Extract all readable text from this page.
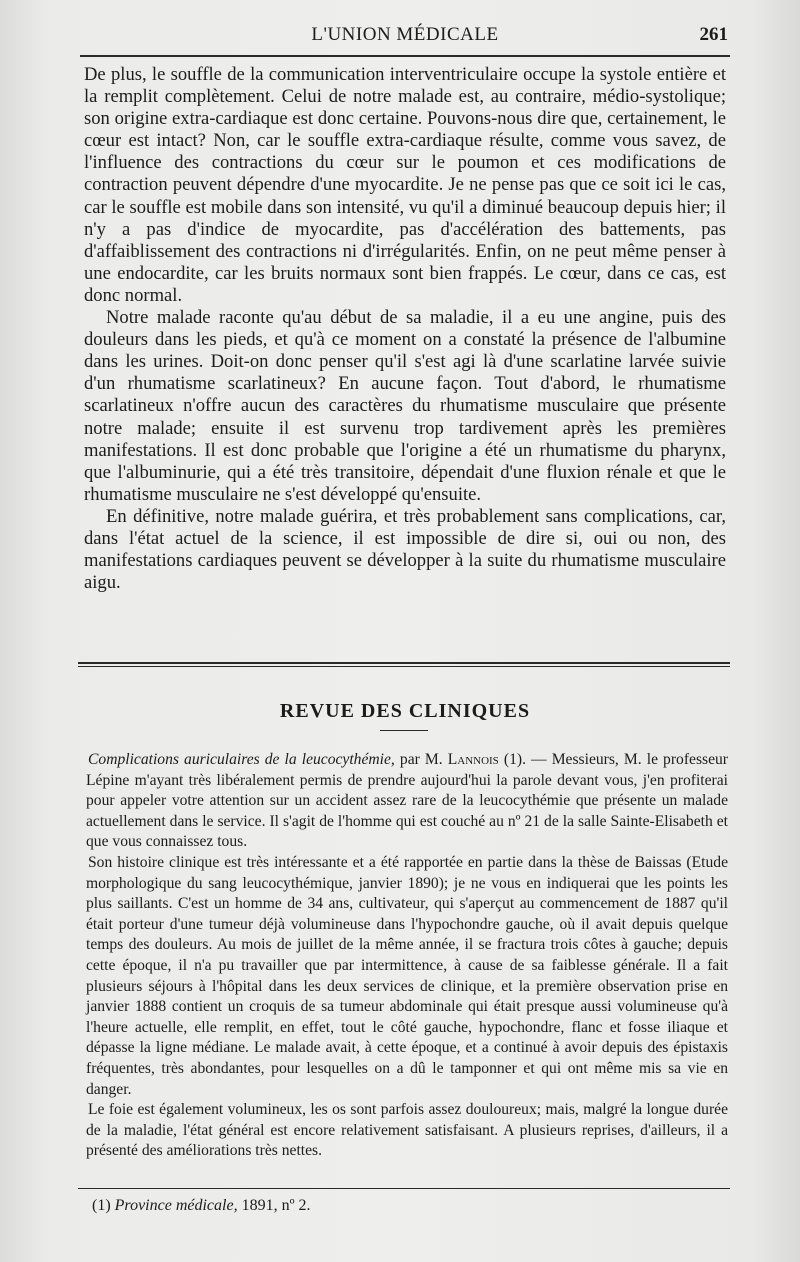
L'UNION MÉDICALE	261

De plus, le souffle de la communication interventriculaire occupe la systole entière et la remplit complètement. Celui de notre malade est, au contraire, médio-systolique; son origine extra-cardiaque est donc certaine. Pouvons-nous dire que, certainement, le cœur est intact? Non, car le souffle extra-cardiaque résulte, comme vous savez, de l'influence des contractions du cœur sur le poumon et ces modifications de contraction peuvent dépendre d'une myocardite. Je ne pense pas que ce soit ici le cas, car le souffle est mobile dans son intensité, vu qu'il a diminué beaucoup depuis hier; il n'y a pas d'indice de myocardite, pas d'accélération des battements, pas d'affaiblissement des contractions ni d'irrégularités. Enfin, on ne peut même penser à une endocardite, car les bruits normaux sont bien frappés. Le cœur, dans ce cas, est donc normal.

Notre malade raconte qu'au début de sa maladie, il a eu une angine, puis des douleurs dans les pieds, et qu'à ce moment on a constaté la présence de l'albumine dans les urines. Doit-on donc penser qu'il s'est agi là d'une scarlatine larvée suivie d'un rhumatisme scarlatineux? En aucune façon. Tout d'abord, le rhumatisme scarlatineux n'offre aucun des caractères du rhumatisme musculaire que présente notre malade; ensuite il est survenu trop tardivement après les premières manifestations. Il est donc probable que l'origine a été un rhumatisme du pharynx, que l'albuminurie, qui a été très transitoire, dépendait d'une fluxion rénale et que le rhumatisme musculaire ne s'est développé qu'ensuite.

En définitive, notre malade guérira, et très probablement sans complications, car, dans l'état actuel de la science, il est impossible de dire si, oui ou non, des manifestations cardiaques peuvent se développer à la suite du rhumatisme musculaire aigu.

REVUE DES CLINIQUES

Complications auriculaires de la leucocythémie, par M. Lannois (1). — Messieurs, M. le professeur Lépine m'ayant très libéralement permis de prendre aujourd'hui la parole devant vous, j'en profiterai pour appeler votre attention sur un accident assez rare de la leucocythémie que présente un malade actuellement dans le service. Il s'agit de l'homme qui est couché au nº 21 de la salle Sainte-Elisabeth et que vous connaissez tous.

Son histoire clinique est très intéressante et a été rapportée en partie dans la thèse de Baissas (Etude morphologique du sang leucocythémique, janvier 1890); je ne vous en indiquerai que les points les plus saillants. C'est un homme de 34 ans, cultivateur, qui s'aperçut au commencement de 1887 qu'il était porteur d'une tumeur déjà volumineuse dans l'hypochondre gauche, où il avait depuis quelque temps des douleurs. Au mois de juillet de la même année, il se fractura trois côtes à gauche; depuis cette époque, il n'a pu travailler que par intermittence, à cause de sa faiblesse générale. Il a fait plusieurs séjours à l'hôpital dans les deux services de clinique, et la première observation prise en janvier 1888 contient un croquis de sa tumeur abdominale qui était presque aussi volumineuse qu'à l'heure actuelle, elle remplit, en effet, tout le côté gauche, hypochondre, flanc et fosse iliaque et dépasse la ligne médiane. Le malade avait, à cette époque, et a continué à avoir depuis des épistaxis fréquentes, très abondantes, pour lesquelles on a dû le tamponner et qui ont même mis sa vie en danger.

Le foie est également volumineux, les os sont parfois assez douloureux; mais, malgré la longue durée de la maladie, l'état général est encore relativement satisfaisant. A plusieurs reprises, d'ailleurs, il a présenté des améliorations très nettes.

(1) Province médicale, 1891, nº 2.
